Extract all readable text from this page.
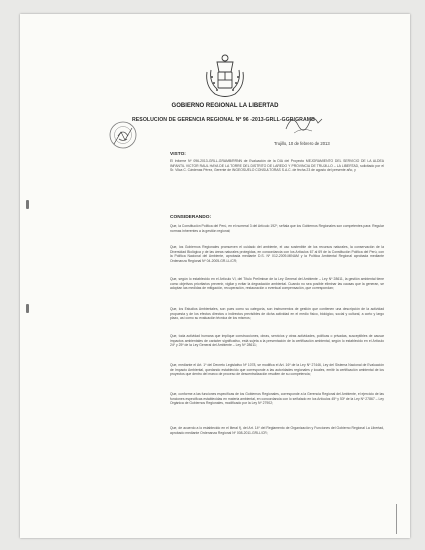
GOBIERNO REGIONAL LA LIBERTAD
RESOLUCION DE GERENCIA REGIONAL Nº 96 -2013-GRLL-GGR/GRAMB
Trujillo, 10 de febrero de 2013
VISTO:
El Informe Nº 096-2013-GRLL-GRAMB/RRNN de Evaluación de la DIA del Proyecto MEJORAMIENTO DEL SERVICIO DE LA ALDEA INFANTIL VICTOR RAUL HAYA DE LA TORRE DEL DISTRITO DE LAREDO Y PROVINCIA DE TRUJILLO – LA LIBERTAD, solicitado por el Sr. Vilca C. Cárdenas Pérez, Gerente de INGEOSUELO CONSULTORAS S.A.C. de fecha 23 de agosto del presente año, y
CONSIDERANDO:
Que, la Constitución Política del Perú, en el numeral 3 del Artículo 192º, señala que los Gobiernos Regionales son competentes para: Regular normas inherentes a la gestión regional;
Que, los Gobiernos Regionales promueven el cuidado del ambiente, el uso sostenible de los recursos naturales, la conservación de la Diversidad Biológica y de las áreas naturales protegidas, en concordancia con los Artículos 67 al 69 de la Constitución Política del Perú, con la Política Nacional del Ambiente, aprobada mediante D.S. Nº 012-2009-MINAM y la Política Ambiental Regional aprobada mediante Ordenanza Regional Nº 04-2005-GR-LL/CR;
Que, según lo establecido en el Artículo VI, del Título Preliminar de la Ley General del Ambiente – Ley Nº 28611, la gestión ambiental tiene como objetivos prioritarios prevenir, vigilar y evitar la degradación ambiental. Cuando no sea posible eliminar las causas que la generan, se adoptan las medidas de mitigación, recuperación, restauración o eventual compensación, que correspondan;
Que, los Estudios Ambientales, son pues como su categoría, son instrumentos de gestión que contienen una descripción de la actividad propuesta y de los efectos directos o indirectos previsibles de dicha actividad en el medio físico, biológico, social y cultural, a corto y largo plazo, así como su evaluación técnica de los mismos;
Que, toda actividad humana que implique construcciones, obras, servicios y otras actividades, políticas o privadas, susceptibles de causar impactos ambientales de carácter significativo, está sujeta a la presentación de la certificación ambiental, según lo establecido en el Artículo 24º y 25º de la Ley General del Ambiente – Ley Nº 28611;
Que, mediante el Art. 1º del Decreto Legislativo Nº 1078, se modifica el Art. 16º de la Ley Nº 27446, Ley del Sistema Nacional de Evaluación de Impacto Ambiental, quedando establecido que corresponde a las autoridades regionales y locales, emitir la certificación ambiental de los proyectos que dentro del marco de proceso de descentralización resulten de su competencia;
Que, conforme a las funciones específicas de los Gobiernos Regionales, corresponde a la Gerencia Regional del Ambiente, el ejercicio de las funciones específicas establecidas en materia ambiental, en concordancia con lo señalado en los Artículos 45º y 53º de la Ley Nº 27867 – Ley Orgánica de Gobiernos Regionales, modificado por la Ley Nº 27902;
Que, de acuerdo a lo establecido en el literal f), del Art. 14º del Reglamento de Organización y Funciones del Gobierno Regional La Libertad, aprobado mediante Ordenanza Regional Nº 008-2011-GRLL/CR;
